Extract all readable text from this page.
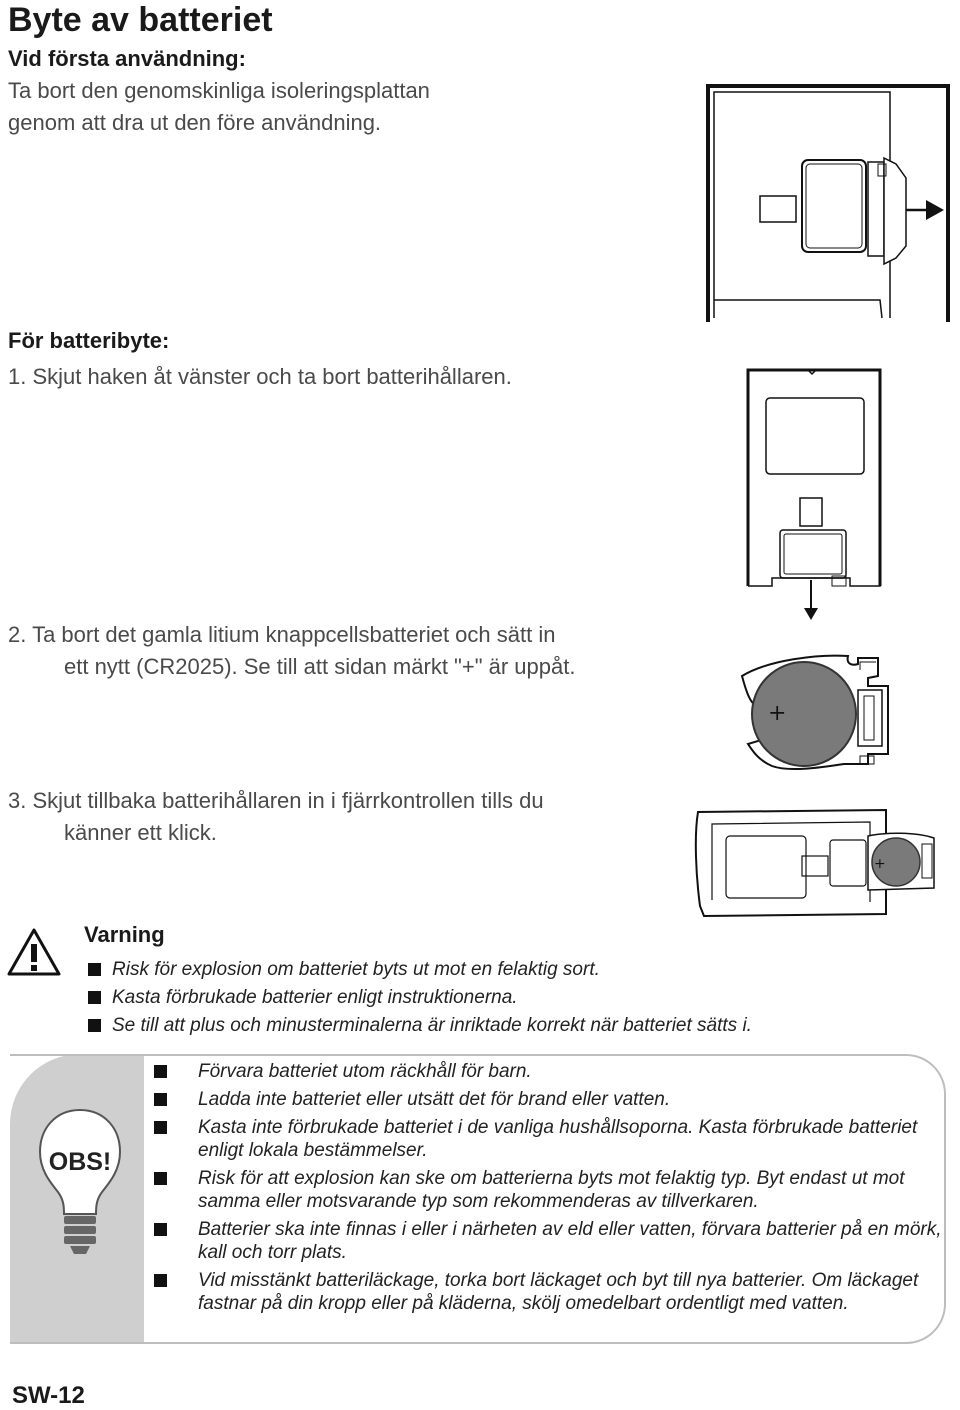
Byte av batteriet
Vid första användning:
Ta bort den genomskinliga isoleringsplattan
genom att dra ut den före användning.
För batteribyte:
1. Skjut haken åt vänster och ta bort batterihållaren.
2. Ta bort det gamla litium knappcellsbatteriet och sätt in
ett nytt (CR2025). Se till att sidan märkt "+" är uppåt.
3. Skjut tillbaka batterihållaren in i fjärrkontrollen tills du
känner ett klick.
+
+
Varning
Risk för explosion om batteriet byts ut mot en felaktig sort.
Kasta förbrukade batterier enligt instruktionerna.
Se till att plus och minusterminalerna är inriktade korrekt när batteriet sätts i.
OBS!
Förvara batteriet utom räckhåll för barn.
Ladda inte batteriet eller utsätt det för brand eller vatten.
Kasta inte förbrukade batteriet i de vanliga hushållsoporna. Kasta förbrukade batteriet enligt lokala bestämmelser.
Risk för att explosion kan ske om batterierna byts mot felaktig typ. Byt endast ut mot samma eller motsvarande typ som rekommenderas av tillverkaren.
Batterier ska inte finnas i eller i närheten av eld eller vatten, förvara batterier på en mörk, kall och torr plats.
Vid misstänkt batteriläckage, torka bort läckaget och byt till nya batterier. Om läckaget fastnar på din kropp eller på kläderna, skölj omedelbart ordentligt med vatten.
SW-12
